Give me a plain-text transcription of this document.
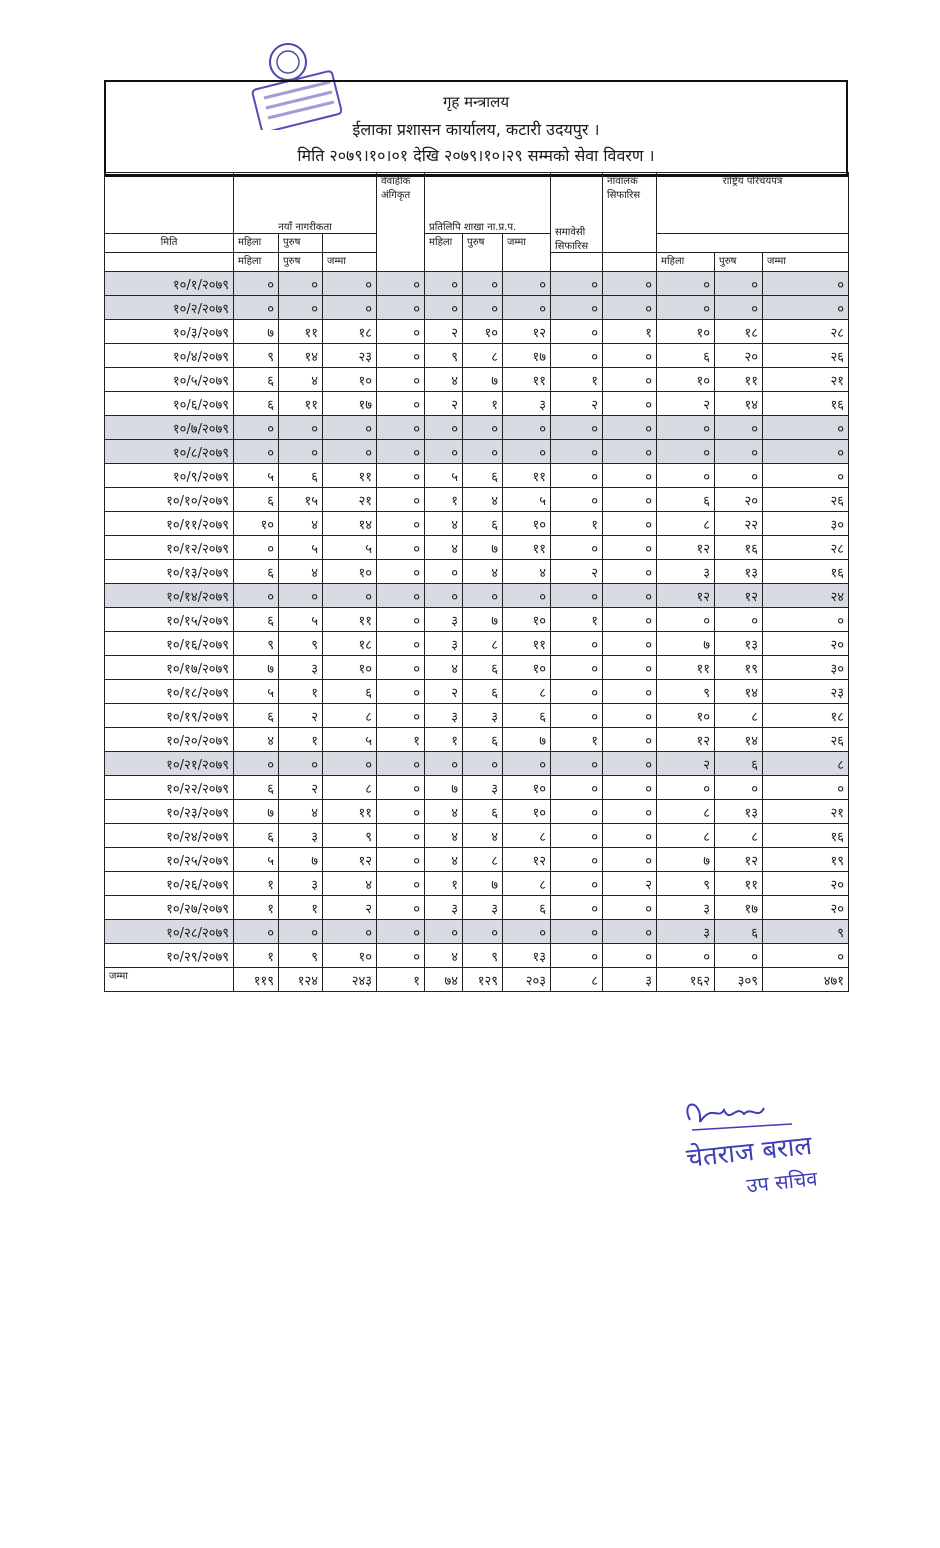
गृह मन्त्रालय
ईलाका प्रशासन कार्यालय, कटारी उदयपुर ।
मिति २०७९।१०।०१ देखि २०७९।१०।२९ सम्मको सेवा विवरण ।
	नयाँ नागरीकता			वैवाहीक अंगिकृत	प्रतिलिपि शाखा ना.प्र.प.			समावेसी सिफारिस	नावालक सिफारिस	राष्ट्रिय परिचयपत्र		
मिति	महिला	पुरुष			महिला	पुरुष	जम्मा					
	महिला	पुरुष	जम्मा							महिला	पुरुष	जम्मा
१०/१/२०७९	०	०	०	०	०	०	०	०	०	०	०	०
१०/२/२०७९	०	०	०	०	०	०	०	०	०	०	०	०
१०/३/२०७९	७	११	१८	०	२	१०	१२	०	१	१०	१८	२८
१०/४/२०७९	९	१४	२३	०	९	८	१७	०	०	६	२०	२६
१०/५/२०७९	६	४	१०	०	४	७	११	१	०	१०	११	२१
१०/६/२०७९	६	११	१७	०	२	१	३	२	०	२	१४	१६
१०/७/२०७९	०	०	०	०	०	०	०	०	०	०	०	०
१०/८/२०७९	०	०	०	०	०	०	०	०	०	०	०	०
१०/९/२०७९	५	६	११	०	५	६	११	०	०	०	०	०
१०/१०/२०७९	६	१५	२१	०	१	४	५	०	०	६	२०	२६
१०/११/२०७९	१०	४	१४	०	४	६	१०	१	०	८	२२	३०
१०/१२/२०७९	०	५	५	०	४	७	११	०	०	१२	१६	२८
१०/१३/२०७९	६	४	१०	०	०	४	४	२	०	३	१३	१६
१०/१४/२०७९	०	०	०	०	०	०	०	०	०	१२	१२	२४
१०/१५/२०७९	६	५	११	०	३	७	१०	१	०	०	०	०
१०/१६/२०७९	९	९	१८	०	३	८	११	०	०	७	१३	२०
१०/१७/२०७९	७	३	१०	०	४	६	१०	०	०	११	१९	३०
१०/१८/२०७९	५	१	६	०	२	६	८	०	०	९	१४	२३
१०/१९/२०७९	६	२	८	०	३	३	६	०	०	१०	८	१८
१०/२०/२०७९	४	१	५	१	१	६	७	१	०	१२	१४	२६
१०/२१/२०७९	०	०	०	०	०	०	०	०	०	२	६	८
१०/२२/२०७९	६	२	८	०	७	३	१०	०	०	०	०	०
१०/२३/२०७९	७	४	११	०	४	६	१०	०	०	८	१३	२१
१०/२४/२०७९	६	३	९	०	४	४	८	०	०	८	८	१६
१०/२५/२०७९	५	७	१२	०	४	८	१२	०	०	७	१२	१९
१०/२६/२०७९	१	३	४	०	१	७	८	०	२	९	११	२०
१०/२७/२०७९	१	१	२	०	३	३	६	०	०	३	१७	२०
१०/२८/२०७९	०	०	०	०	०	०	०	०	०	३	६	९
१०/२९/२०७९	१	९	१०	०	४	९	१३	०	०	०	०	०
जम्मा	११९	१२४	२४३	१	७४	१२९	२०३	८	३	१६२	३०९	४७१
चेतराज बराल
उप सचिव
